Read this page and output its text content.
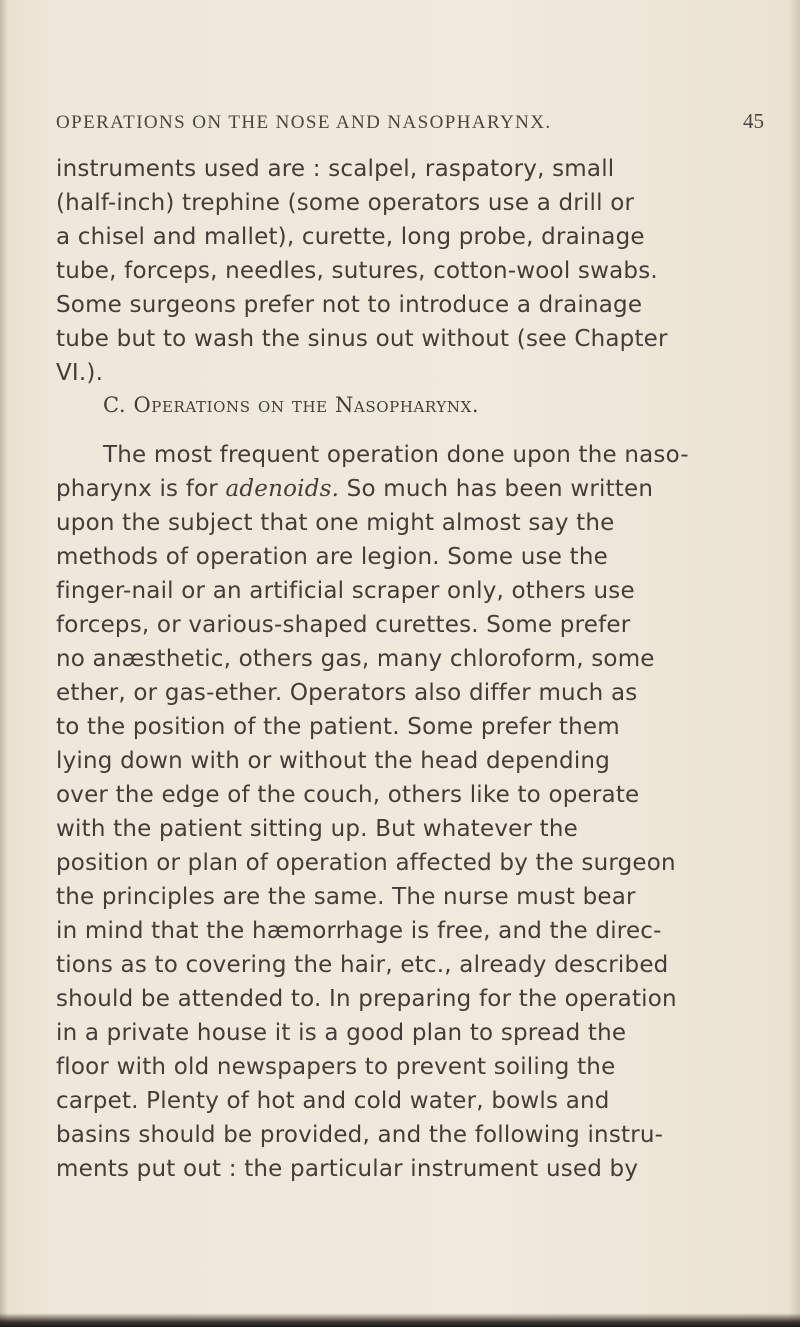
OPERATIONS ON THE NOSE AND NASOPHARYNX.	45
instruments used are : scalpel, raspatory, small
(half-inch) trephine (some operators use a drill or
a chisel and mallet), curette, long probe, drainage
tube, forceps, needles, sutures, cotton-wool swabs.
Some surgeons prefer not to introduce a drainage
tube but to wash the sinus out without (see Chapter
VI.).
C. Operations on the Nasopharynx.
The most frequent operation done upon the naso-
pharynx is for adenoids. So much has been written
upon the subject that one might almost say the
methods of operation are legion. Some use the
finger-nail or an artificial scraper only, others use
forceps, or various-shaped curettes. Some prefer
no anæsthetic, others gas, many chloroform, some
ether, or gas-ether. Operators also differ much as
to the position of the patient. Some prefer them
lying down with or without the head depending
over the edge of the couch, others like to operate
with the patient sitting up. But whatever the
position or plan of operation affected by the surgeon
the principles are the same. The nurse must bear
in mind that the hæmorrhage is free, and the direc-
tions as to covering the hair, etc., already described
should be attended to. In preparing for the operation
in a private house it is a good plan to spread the
floor with old newspapers to prevent soiling the
carpet. Plenty of hot and cold water, bowls and
basins should be provided, and the following instru-
ments put out : the particular instrument used by
